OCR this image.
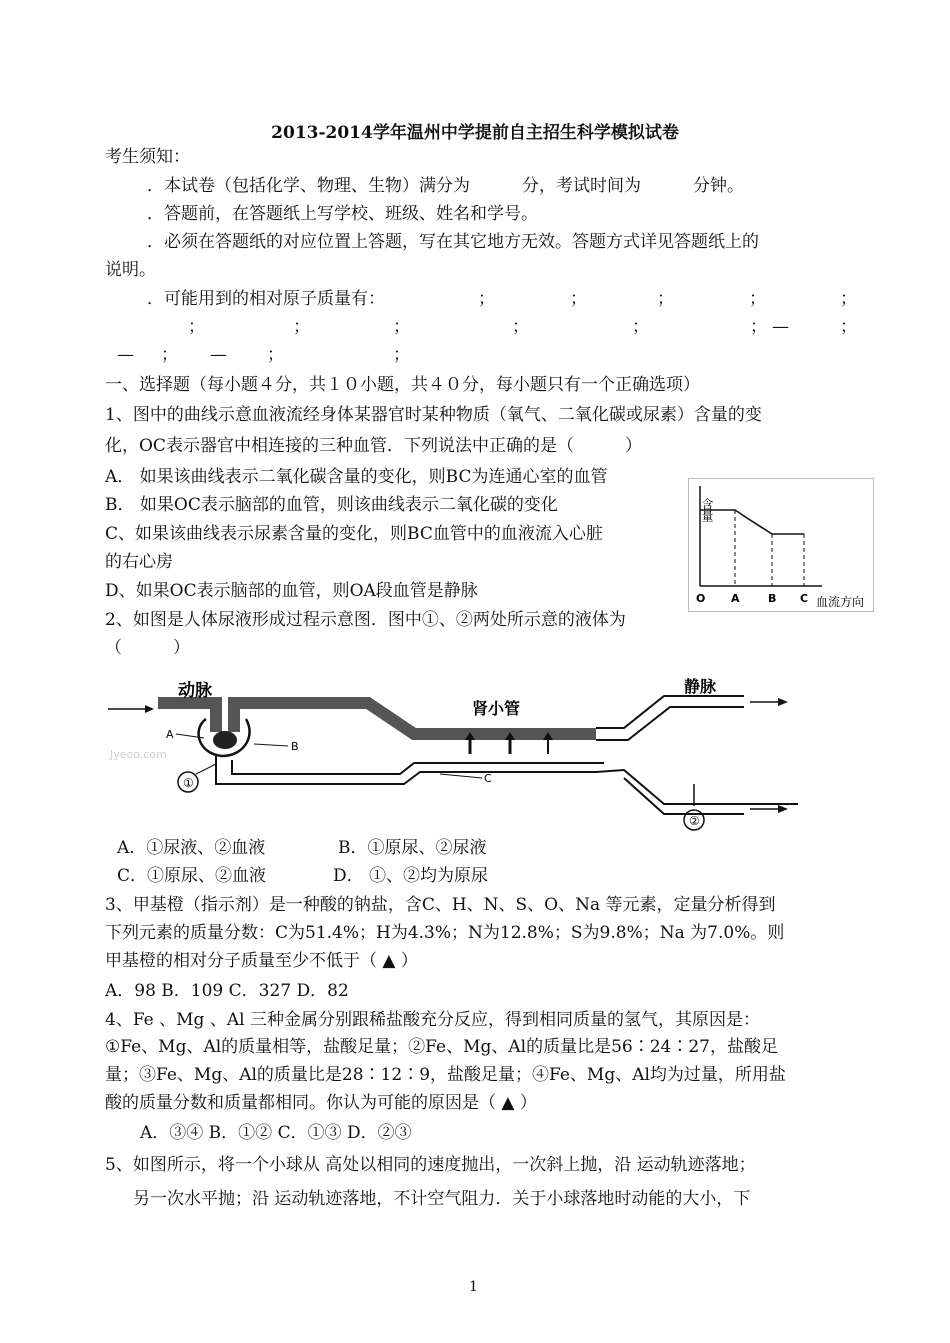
2013-2014学年温州中学提前自主招生科学模拟试卷
考生须知：
．本试卷（包括化学、物理、生物）满分为	分，考试时间为	分钟。
．答题前，在答题纸上写学校、班级、姓名和学号。
．必须在答题纸的对应位置上答题，写在其它地方无效。答题方式详见答题纸上的
说明。
．可能用到的相对原子质量有：	；	；	；	；	；
；	；	；	；	；	； —	；
— ； — ；	；
一、选择题（每小题４分，共１０小题，共４０分，每小题只有一个正确选项）
1、图中的曲线示意血液流经身体某器官时某种物质（氧气、二氧化碳或尿素）含量的变
化，OC表示器官中相连接的三种血管．下列说法中正确的是（　　　）
A． 如果该曲线表示二氧化碳含量的变化，则BC为连通心室的血管
B． 如果OC表示脑部的血管，则该曲线表示二氧化碳的变化
C、如果该曲线表示尿素含量的变化，则BC血管中的血液流入心脏
的右心房
D、如果OC表示脑部的血管，则OA段血管是静脉
含量
O A	B C 血流方向
2、如图是人体尿液形成过程示意图．图中①、②两处所示意的液体为
（　　　）
Jyeoo.com
动脉
肾小管
静脉
A
B
C
①
②
A．①尿液、②血液	B．①原尿、②尿液
C．①原尿、②血液	D． ①、②均为原尿
3、甲基橙（指示剂）是一种酸的钠盐，含C、H、N、S、O、Na 等元素，定量分析得到
下列元素的质量分数：C为51.4%；H为4.3%；N为12.8%；S为9.8%；Na 为7.0%。则
甲基橙的相对分子质量至少不低于（ ▲ ）
A．98 B．109 C．327 D．82
4、Fe 、Mg 、Al 三种金属分别跟稀盐酸充分反应，得到相同质量的氢气，其原因是：
①Fe、Mg、Al的质量相等，盐酸足量；②Fe、Mg、Al的质量比是56∶24∶27，盐酸足
量；③Fe、Mg、Al的质量比是28∶12∶9，盐酸足量；④Fe、Mg、Al均为过量，所用盐
酸的质量分数和质量都相同。你认为可能的原因是（ ▲ ）
A．③④ B．①② C．①③ D．②③
5、如图所示，将一个小球从 高处以相同的速度抛出，一次斜上抛，沿 运动轨迹落地；
另一次水平抛；沿 运动轨迹落地，不计空气阻力．关于小球落地时动能的大小，下
1
